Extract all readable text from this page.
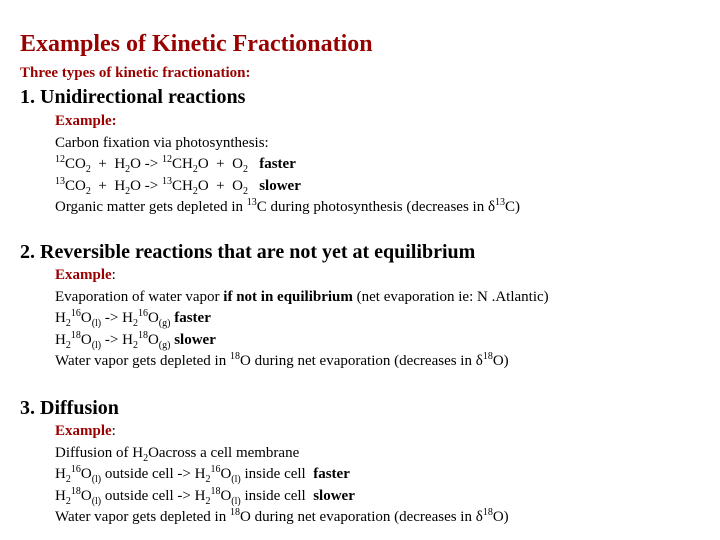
Examples of Kinetic Fractionation
Three types of kinetic fractionation:
1. Unidirectional reactions
Example:
Carbon fixation via photosynthesis:
$^{12}CO_2 + H_2O -> ^{12}CH_2O + O_2$ faster
$^{13}CO_2 + H_2O -> ^{13}CH_2O + O_2$ slower
Organic matter gets depleted in $^{13}$C during photosynthesis (decreases in $\delta^{13}C$)
2. Reversible reactions that are not yet at equilibrium
Example:
Evaporation of water vapor if not in equilibrium (net evaporation ie: N .Atlantic)
$H_2^{16}O_{(l)} -> H_2^{16}O_{(g)}$ faster
$H_2^{18}O_{(l)} -> H_2^{18}O_{(g)}$ slower
Water vapor gets depleted in $^{18}$O during net evaporation (decreases in $\delta^{18}O$)
3. Diffusion
Example:
Diffusion of $H_2Oacross$ a cell membrane
$H_2^{16}O_{(l)}$ outside cell -> $H_2^{16}O_{(l)}$ inside cell faster
$H_2^{18}O_{(l)}$ outside cell -> $H_2^{18}O_{(l)}$ inside cell slower
Water vapor gets depleted in $^{18}$O during net evaporation (decreases in $\delta^{18}O$)
